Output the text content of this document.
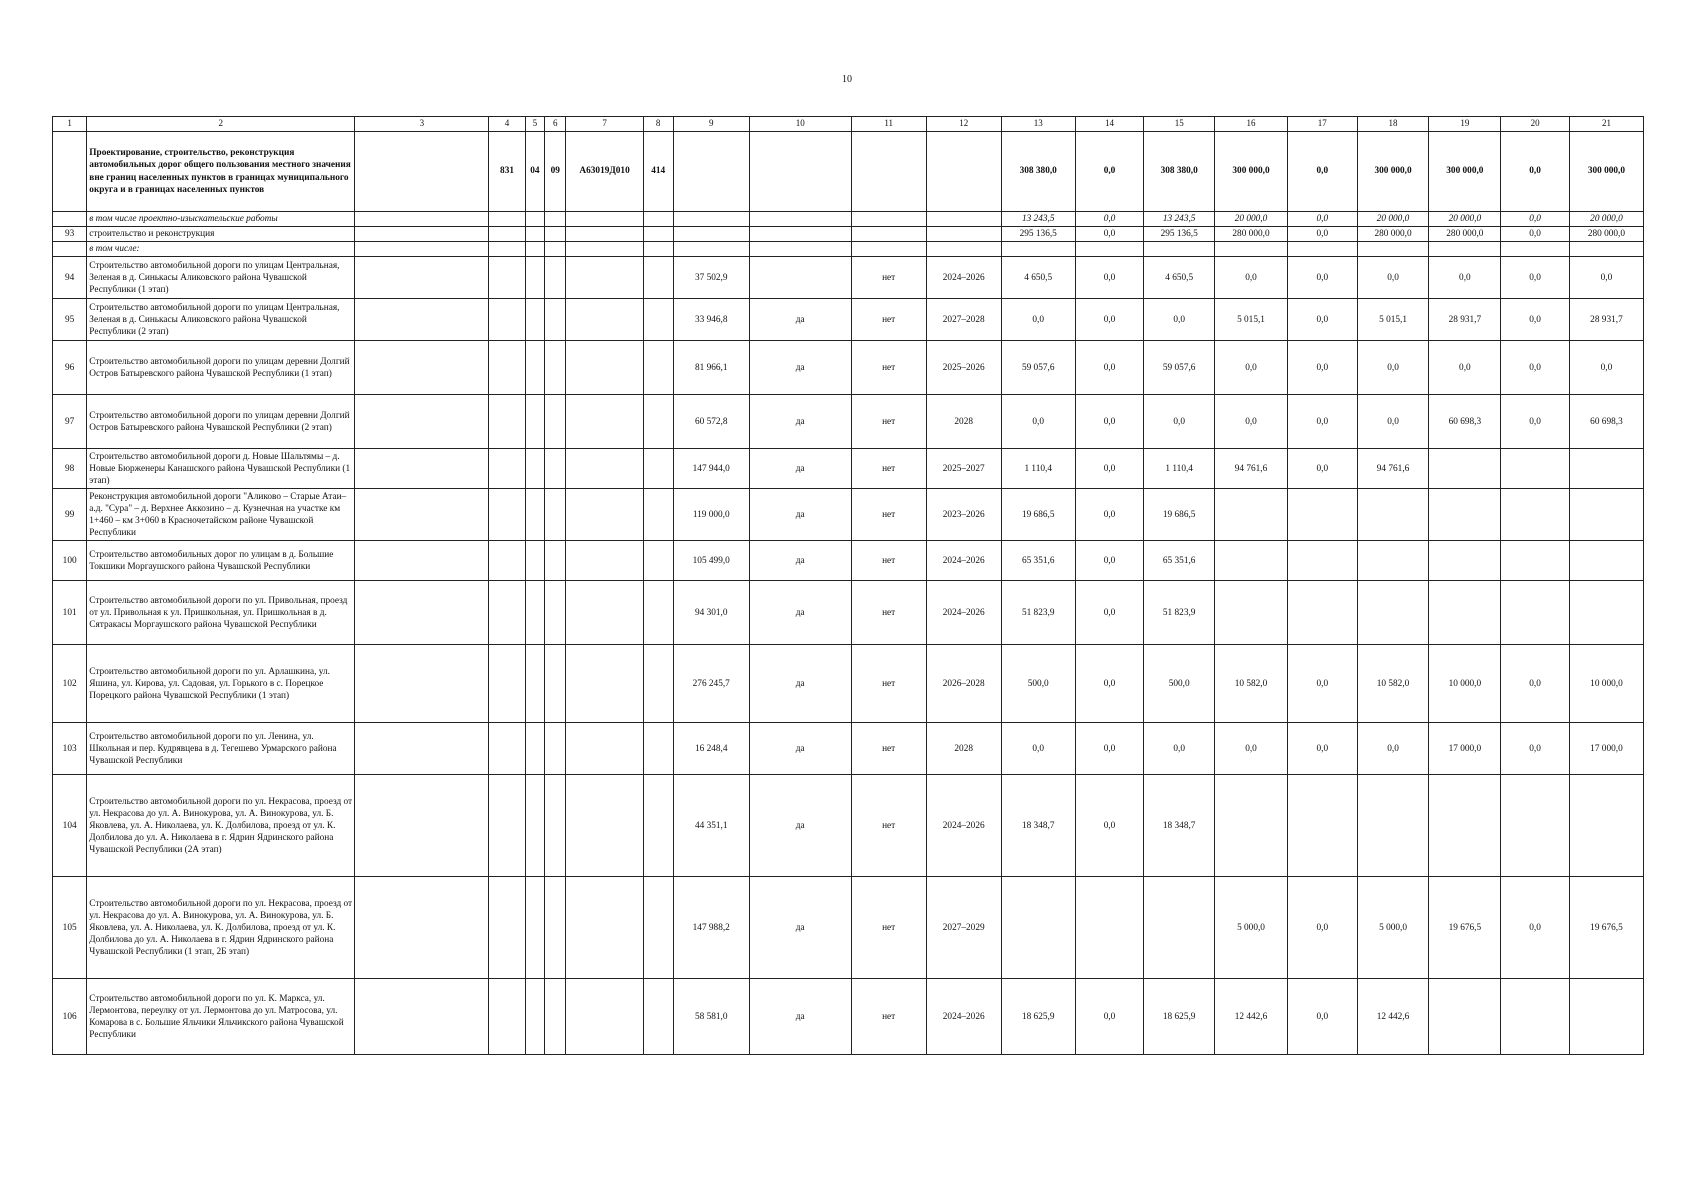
10
1	2	3	4	5	6	7	8	9	10	11	12	13	14	15	16	17	18	19	20	21
	Проектирование, строительство, реконструкция автомобильных дорог общего пользования местного значения вне границ населенных пунктов в границах муниципального округа и в границах населенных пунктов		831	04	09	А63019Д010	414					308 380,0	0,0	308 380,0	300 000,0	0,0	300 000,0	300 000,0	0,0	300 000,0
	в том числе проектно-изыскательские работы											13 243,5	0,0	13 243,5	20 000,0	0,0	20 000,0	20 000,0	0,0	20 000,0
93	строительство и реконструкция											295 136,5	0,0	295 136,5	280 000,0	0,0	280 000,0	280 000,0	0,0	280 000,0
	в том числе:																			
94	Строительство автомобильной дороги по улицам Центральная, Зеленая в д. Синькасы Аликовского района Чувашской Республики (1 этап)							37 502,9		нет	2024–2026	4 650,5	0,0	4 650,5	0,0	0,0	0,0	0,0	0,0	0,0
95	Строительство автомобильной дороги по улицам Центральная, Зеленая в д. Синькасы Аликовского района Чувашской Республики (2 этап)							33 946,8	да	нет	2027–2028	0,0	0,0	0,0	5 015,1	0,0	5 015,1	28 931,7	0,0	28 931,7
96	Строительство автомобильной дороги по улицам деревни Долгий Остров Батыревского района Чувашской Республики (1 этап)							81 966,1	да	нет	2025–2026	59 057,6	0,0	59 057,6	0,0	0,0	0,0	0,0	0,0	0,0
97	Строительство автомобильной дороги по улицам деревни Долгий Остров Батыревского района Чувашской Республики (2 этап)							60 572,8	да	нет	2028	0,0	0,0	0,0	0,0	0,0	0,0	60 698,3	0,0	60 698,3
98	Строительство автомобильной дороги д. Новые Шальтямы – д. Новые Бюрженеры Канашского района Чувашской Республики (1 этап)							147 944,0	да	нет	2025–2027	1 110,4	0,0	1 110,4	94 761,6	0,0	94 761,6			
99	Реконструкция автомобильной дороги "Аликово – Старые Атаи– а.д. "Сура" – д. Верхнее Аккозино – д. Кузнечная на участке км 1+460 – км 3+060 в Красночетайском районе Чувашской Республики							119 000,0	да	нет	2023–2026	19 686,5	0,0	19 686,5						
100	Строительство автомобильных дорог по улицам в д. Большие Токшики Моргаушского района Чувашской Республики							105 499,0	да	нет	2024–2026	65 351,6	0,0	65 351,6						
101	Строительство автомобильной дороги по ул. Привольная, проезд от ул. Привольная к ул. Пришкольная, ул. Пришкольная в д. Сятракасы Моргаушского района Чувашской Республики							94 301,0	да	нет	2024–2026	51 823,9	0,0	51 823,9						
102	Строительство автомобильной дороги по ул. Арлашкина, ул. Яшина, ул. Кирова, ул. Садовая, ул. Горького в с. Порецкое Порецкого района Чувашской Республики (1 этап)							276 245,7	да	нет	2026–2028	500,0	0,0	500,0	10 582,0	0,0	10 582,0	10 000,0	0,0	10 000,0
103	Строительство автомобильной дороги по ул. Ленина, ул. Школьная и пер. Кудрявцева в д. Тегешево Урмарского района Чувашской Республики							16 248,4	да	нет	2028	0,0	0,0	0,0	0,0	0,0	0,0	17 000,0	0,0	17 000,0
104	Строительство автомобильной дороги по ул. Некрасова, проезд от ул. Некрасова до ул. А. Винокурова, ул. А. Винокурова, ул. Б. Яковлева, ул. А. Николаева, ул. К. Долбилова, проезд от ул. К. Долбилова до ул. А. Николаева в г. Ядрин Ядринского района Чувашской Республики (2А этап)							44 351,1	да	нет	2024–2026	18 348,7	0,0	18 348,7						
105	Строительство автомобильной дороги по ул. Некрасова, проезд от ул. Некрасова до ул. А. Винокурова, ул. А. Винокурова, ул. Б. Яковлева, ул. А. Николаева, ул. К. Долбилова, проезд от ул. К. Долбилова до ул. А. Николаева в г. Ядрин Ядринского района Чувашской Республики (1 этап, 2Б этап)							147 988,2	да	нет	2027–2029				5 000,0	0,0	5 000,0	19 676,5	0,0	19 676,5
106	Строительство автомобильной дороги по ул. К. Маркса, ул. Лермонтова, переулку от ул. Лермонтова до ул. Матросова, ул. Комарова в с. Большие Яльчики Яльчикского района Чувашской Республики							58 581,0	да	нет	2024–2026	18 625,9	0,0	18 625,9	12 442,6	0,0	12 442,6			
